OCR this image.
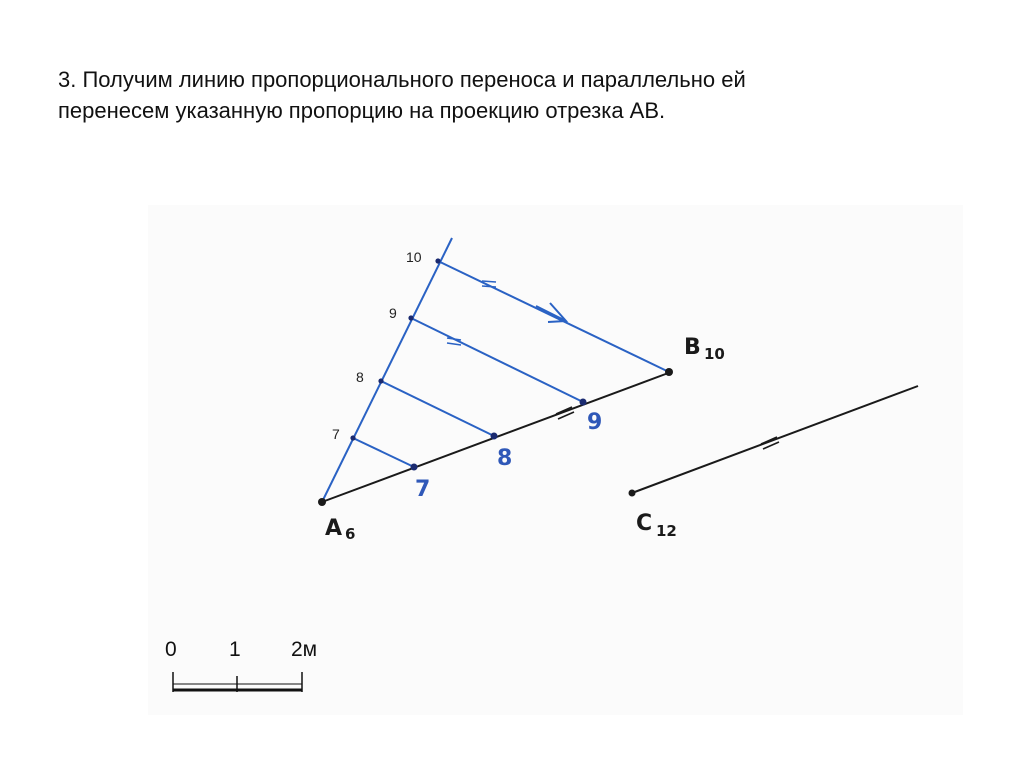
3. Получим линию пропорционального переноса и параллельно ей
перенесем указанную пропорцию на проекцию отрезка АВ.
10
9
8
7
7
8
9
A 6
B 10
C 12
0 1 2м
